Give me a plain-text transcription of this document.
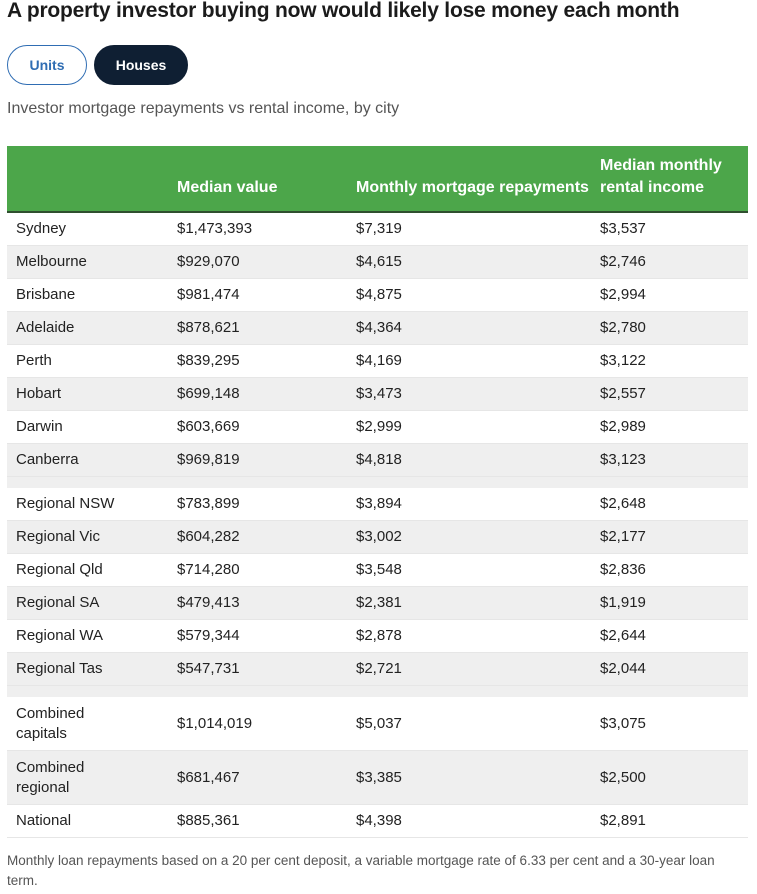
A property investor buying now would likely lose money each month
Units	Houses
Investor mortgage repayments vs rental income, by city
	Median value	Monthly mortgage repayments	Median monthly rental income
Sydney	$1,473,393	$7,319	$3,537
Melbourne	$929,070	$4,615	$2,746
Brisbane	$981,474	$4,875	$2,994
Adelaide	$878,621	$4,364	$2,780
Perth	$839,295	$4,169	$3,122
Hobart	$699,148	$3,473	$2,557
Darwin	$603,669	$2,999	$2,989
Canberra	$969,819	$4,818	$3,123

Regional NSW	$783,899	$3,894	$2,648
Regional Vic	$604,282	$3,002	$2,177
Regional Qld	$714,280	$3,548	$2,836
Regional SA	$479,413	$2,381	$1,919
Regional WA	$579,344	$2,878	$2,644
Regional Tas	$547,731	$2,721	$2,044

Combined capitals	$1,014,019	$5,037	$3,075
Combined regional	$681,467	$3,385	$2,500
National	$885,361	$4,398	$2,891
Monthly loan repayments based on a 20 per cent deposit, a variable mortgage rate of 6.33 per cent and a 30-year loan term.
